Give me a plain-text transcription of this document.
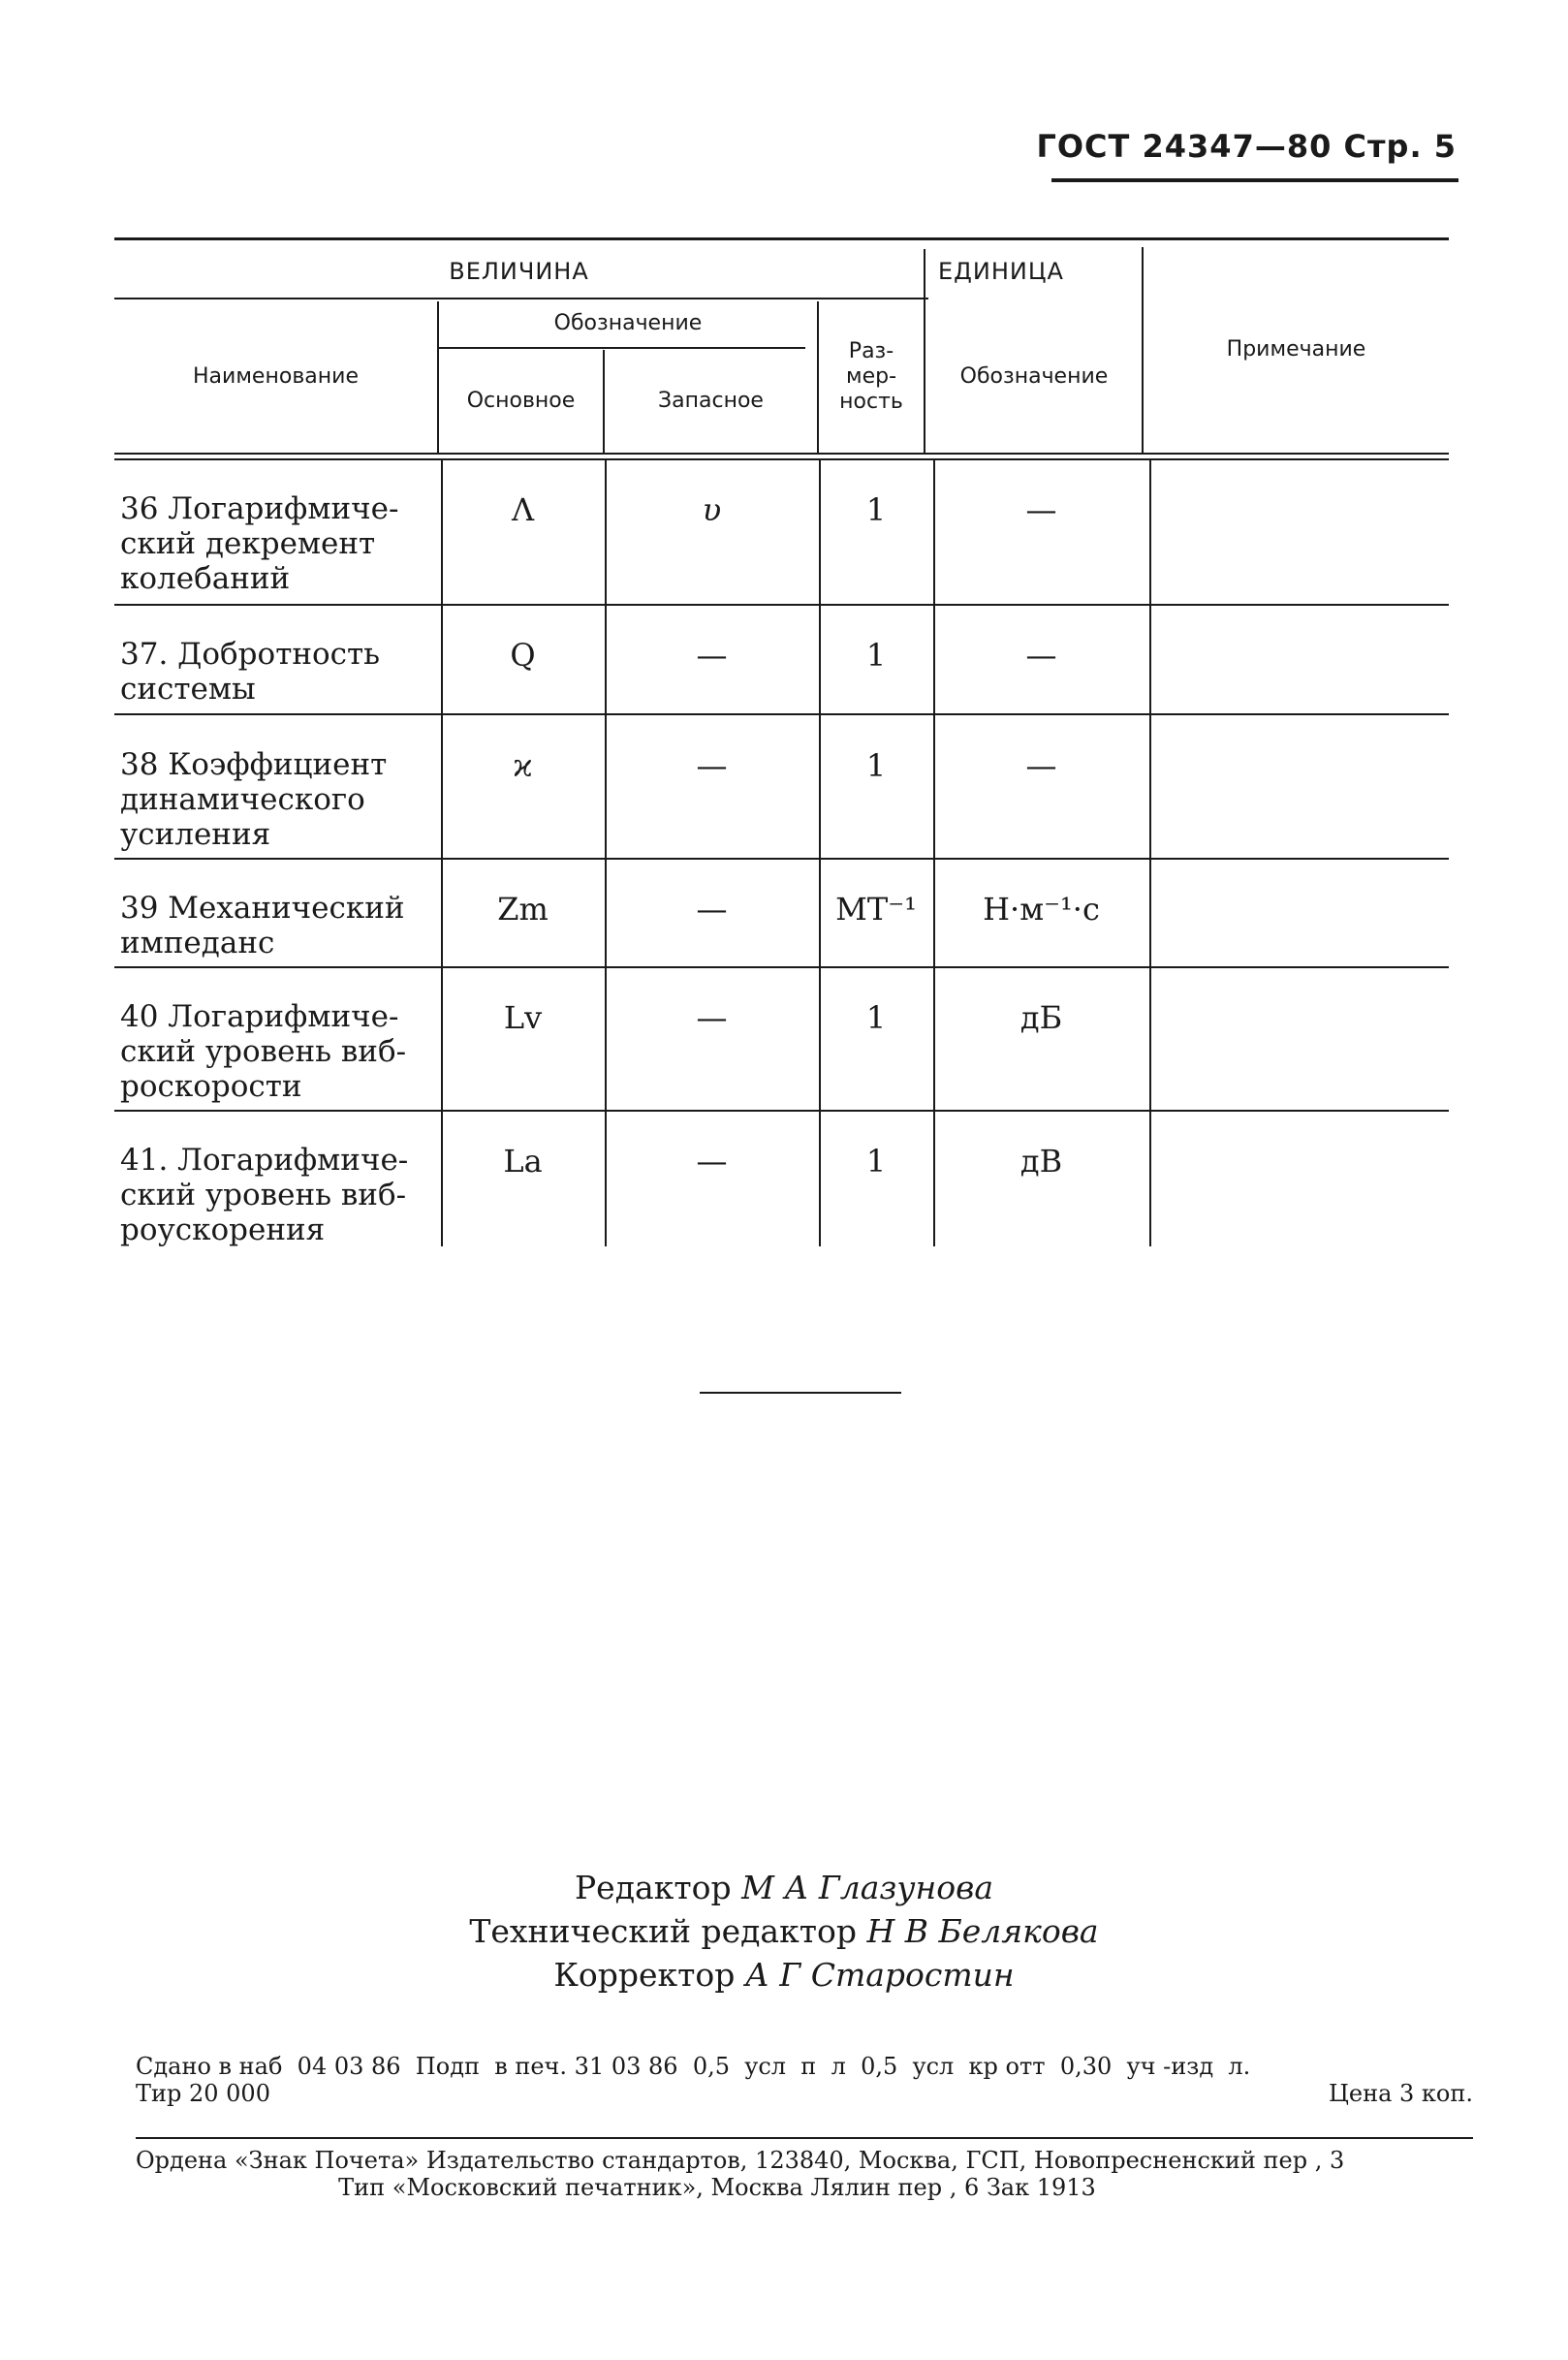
ГОСТ 24347—80 Стр. 5
ВЕЛИЧИНА	ЕДИНИЦА
Наименование
Обозначение
Основное	Запасное
Раз-
мер-
ность
Обозначение
Примечание
36 Логарифмиче-
ский декремент
колебаний
Λ	υ	1	—
37. Добротность
системы
Q	—	1	—
38 Коэффициент
динамического
усиления
ϰ	—	1	—
39 Механический
импеданс
Zm	—	MT⁻¹	Н·м⁻¹·с
40 Логарифмиче-
ский уровень виб-
роскорости
Lv	—	1	дБ
41. Логарифмиче-
ский уровень виб-
роускорения
La	—	1	дВ
Редактор М А Глазунова
Технический редактор Н В Белякова
Корректор А Г Старостин
Сдано в наб  04 03 86  Подп  в печ. 31 03 86  0,5  усл  п  л  0,5  усл  кр отт  0,30  уч -изд  л.
Тир 20 000	Цена 3 коп.
Ордена «Знак Почета» Издательство стандартов, 123840, Москва, ГСП, Новопресненский пер , 3
Тип «Московский печатник», Москва Лялин пер , 6 Зак 1913
